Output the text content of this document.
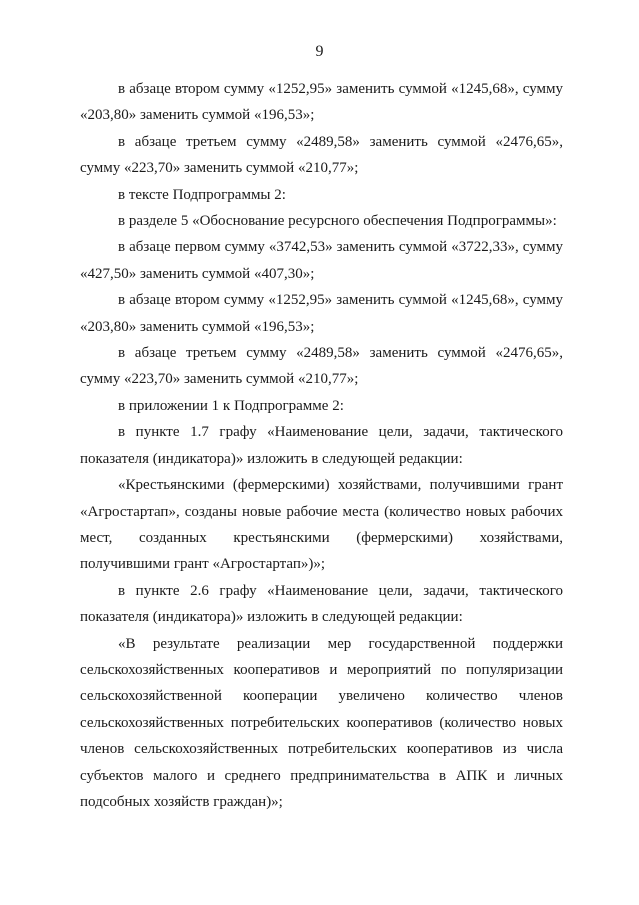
9

в абзаце втором сумму «1252,95» заменить суммой «1245,68», сумму «203,80» заменить суммой «196,53»;

в абзаце третьем сумму «2489,58» заменить суммой «2476,65», сумму «223,70» заменить суммой «210,77»;

в тексте Подпрограммы 2:

в разделе 5 «Обоснование ресурсного обеспечения Подпрограммы»:

в абзаце первом сумму «3742,53» заменить суммой «3722,33», сумму «427,50» заменить суммой «407,30»;

в абзаце втором сумму «1252,95» заменить суммой «1245,68», сумму «203,80» заменить суммой «196,53»;

в абзаце третьем сумму «2489,58» заменить суммой «2476,65», сумму «223,70» заменить суммой «210,77»;

в приложении 1 к Подпрограмме 2:

в пункте 1.7 графу «Наименование цели, задачи, тактического показателя (индикатора)» изложить в следующей редакции:

«Крестьянскими (фермерскими) хозяйствами, получившими грант «Агростартап», созданы новые рабочие места (количество новых рабочих мест, созданных крестьянскими (фермерскими) хозяйствами, получившими грант «Агростартап»)»;

в пункте 2.6 графу «Наименование цели, задачи, тактического показателя (индикатора)» изложить в следующей редакции:

«В результате реализации мер государственной поддержки сельскохозяйственных кооперативов и мероприятий по популяризации сельскохозяйственной кооперации увеличено количество членов сельскохозяйственных потребительских кооперативов (количество новых членов сельскохозяйственных потребительских кооперативов из числа субъектов малого и среднего предпринимательства в АПК и личных подсобных хозяйств граждан)»;
